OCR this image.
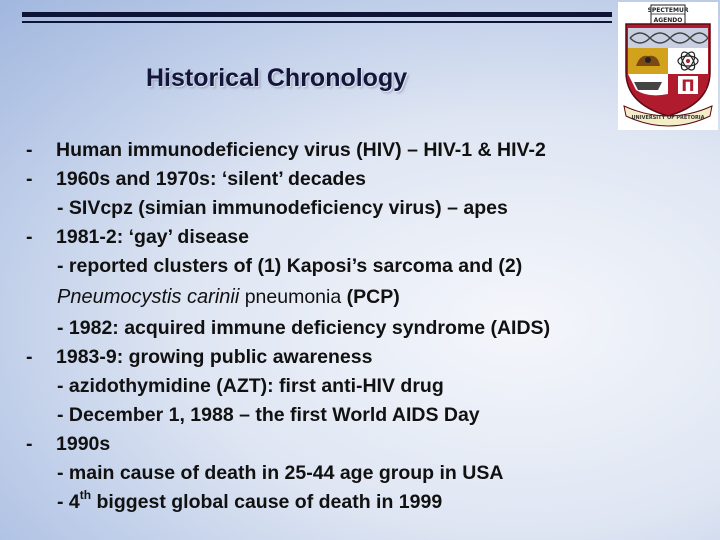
Historical Chronology	Π
SPECTEMUR
AGENDO
UNIVERSITY OF PRETORIA
- Human immunodeficiency virus (HIV) – HIV-1 & HIV-2
- 1960s and 1970s: ‘silent’ decades
- SIVcpz (simian immunodeficiency virus) – apes
- 1981-2: ‘gay’ disease
- reported clusters of (1) Kaposi’s sarcoma and (2)
Pneumocystis carinii pneumonia (PCP)
- 1982: acquired immune deficiency syndrome (AIDS)
- 1983-9: growing public awareness
- azidothymidine (AZT): first anti-HIV drug
- December 1, 1988 – the first World AIDS Day
- 1990s
- main cause of death in 25-44 age group in USA
- 4th biggest global cause of death in 1999
